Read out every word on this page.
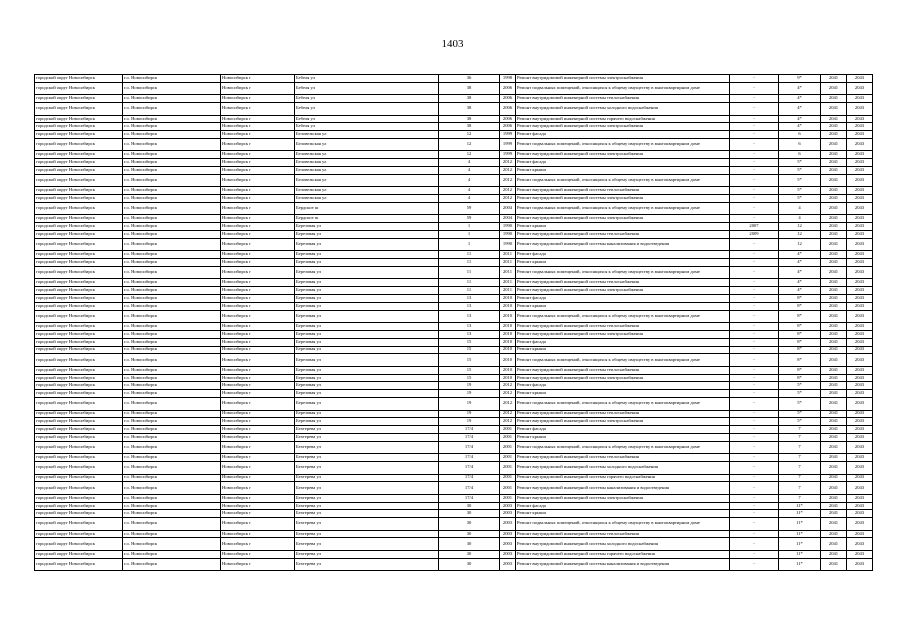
1403
городской округ Новосибирск	г.о. Новосибирск	Новосибирск г	Бебеля ул	36	1998	Ремонт внутридомовой инженерной системы электроснабжения	-	9*	2041	2043
городской округ Новосибирск	г.о. Новосибирск	Новосибирск г	Бебеля ул	38	2006	Ремонт подвальных помещений, относящихся к общему имуществу в многоквартирном доме	-	4*	2041	2043
городской округ Новосибирск	г.о. Новосибирск	Новосибирск г	Бебеля ул	38	2006	Ремонт внутридомовой инженерной системы теплоснабжения	-	4*	2041	2043
городской округ Новосибирск	г.о. Новосибирск	Новосибирск г	Бебеля ул	38	2006	Ремонт внутридомовой инженерной системы холодного водоснабжения	-	4*	2041	2043
городской округ Новосибирск	г.о. Новосибирск	Новосибирск г	Бебеля ул	38	2006	Ремонт внутридомовой инженерной системы горячего водоснабжения	-	4*	2041	2043
городской округ Новосибирск	г.о. Новосибирск	Новосибирск г	Бебеля ул	38	2006	Ремонт внутридомовой инженерной системы электроснабжения	-	4*	2041	2043
городской округ Новосибирск	г.о. Новосибирск	Новосибирск г	Беловежская ул	12	1999	Ремонт фасада	-	6	2041	2043
городской округ Новосибирск	г.о. Новосибирск	Новосибирск г	Беловежская ул	12	1999	Ремонт подвальных помещений, относящихся к общему имуществу в многоквартирном доме	-	6	2041	2043
городской округ Новосибирск	г.о. Новосибирск	Новосибирск г	Беловежская ул	12	1999	Ремонт внутридомовой инженерной системы электроснабжения	-	6	2041	2043
городской округ Новосибирск	г.о. Новосибирск	Новосибирск г	Беловежская ул	4	2012	Ремонт фасада	-	5*	2041	2043
городской округ Новосибирск	г.о. Новосибирск	Новосибирск г	Беловежская ул	4	2012	Ремонт крыши	-	5*	2041	2043
городской округ Новосибирск	г.о. Новосибирск	Новосибирск г	Беловежская ул	4	2012	Ремонт подвальных помещений, относящихся к общему имуществу в многоквартирном доме	-	5*	2041	2043
городской округ Новосибирск	г.о. Новосибирск	Новосибирск г	Беловежская ул	4	2012	Ремонт внутридомовой инженерной системы теплоснабжения	-	5*	2041	2043
городской округ Новосибирск	г.о. Новосибирск	Новосибирск г	Беловежская ул	4	2012	Ремонт внутридомовой инженерной системы электроснабжения	-	5*	2041	2043
городской округ Новосибирск	г.о. Новосибирск	Новосибирск г	Бердское ш	59	2004	Ремонт подвальных помещений, относящихся к общему имуществу в многоквартирном доме	-	4	2041	2043
городской округ Новосибирск	г.о. Новосибирск	Новосибирск г	Бердское ш	59	2004	Ремонт внутридомовой инженерной системы электроснабжения	-	4	2041	2043
городской округ Новосибирск	г.о. Новосибирск	Новосибирск г	Березовая ул	1	1990	Ремонт крыши	2007	12	2041	2043
городской округ Новосибирск	г.о. Новосибирск	Новосибирск г	Березовая ул	1	1990	Ремонт внутридомовой инженерной системы теплоснабжения	2009	12	2041	2043
городской округ Новосибирск	г.о. Новосибирск	Новосибирск г	Березовая ул	1	1990	Ремонт внутридомовой инженерной системы канализования и водоотведения	-	12	2041	2043
городской округ Новосибирск	г.о. Новосибирск	Новосибирск г	Березовая ул	11	2011	Ремонт фасада	-	4*	2041	2043
городской округ Новосибирск	г.о. Новосибирск	Новосибирск г	Березовая ул	11	2011	Ремонт крыши	-	4*	2041	2043
городской округ Новосибирск	г.о. Новосибирск	Новосибирск г	Березовая ул	11	2011	Ремонт подвальных помещений, относящихся к общему имуществу в многоквартирном доме	-	4*	2041	2043
городской округ Новосибирск	г.о. Новосибирск	Новосибирск г	Березовая ул	11	2011	Ремонт внутридомовой инженерной системы теплоснабжения	-	4*	2041	2043
городской округ Новосибирск	г.о. Новосибирск	Новосибирск г	Березовая ул	11	2011	Ремонт внутридомовой инженерной системы электроснабжения	-	4*	2041	2043
городской округ Новосибирск	г.о. Новосибирск	Новосибирск г	Березовая ул	13	2010	Ремонт фасада	-	8*	2041	2043
городской округ Новосибирск	г.о. Новосибирск	Новосибирск г	Березовая ул	13	2010	Ремонт крыши	-	8*	2041	2043
городской округ Новосибирск	г.о. Новосибирск	Новосибирск г	Березовая ул	13	2010	Ремонт подвальных помещений, относящихся к общему имуществу в многоквартирном доме	-	8*	2041	2043
городской округ Новосибирск	г.о. Новосибирск	Новосибирск г	Березовая ул	13	2010	Ремонт внутридомовой инженерной системы теплоснабжения	-	8*	2041	2043
городской округ Новосибирск	г.о. Новосибирск	Новосибирск г	Березовая ул	13	2010	Ремонт внутридомовой инженерной системы электроснабжения	-	8*	2041	2043
городской округ Новосибирск	г.о. Новосибирск	Новосибирск г	Березовая ул	15	2010	Ремонт фасада	-	8*	2041	2043
городской округ Новосибирск	г.о. Новосибирск	Новосибирск г	Березовая ул	15	2010	Ремонт крыши	-	8*	2041	2043
городской округ Новосибирск	г.о. Новосибирск	Новосибирск г	Березовая ул	15	2010	Ремонт подвальных помещений, относящихся к общему имуществу в многоквартирном доме	-	8*	2041	2043
городской округ Новосибирск	г.о. Новосибирск	Новосибирск г	Березовая ул	15	2010	Ремонт внутридомовой инженерной системы теплоснабжения	-	8*	2041	2043
городской округ Новосибирск	г.о. Новосибирск	Новосибирск г	Березовая ул	15	2010	Ремонт внутридомовой инженерной системы электроснабжения	-	8*	2041	2043
городской округ Новосибирск	г.о. Новосибирск	Новосибирск г	Березовая ул	19	2012	Ремонт фасада	-	5*	2041	2043
городской округ Новосибирск	г.о. Новосибирск	Новосибирск г	Березовая ул	19	2012	Ремонт крыши	-	5*	2041	2043
городской округ Новосибирск	г.о. Новосибирск	Новосибирск г	Березовая ул	19	2012	Ремонт подвальных помещений, относящихся к общему имуществу в многоквартирном доме	-	5*	2041	2043
городской округ Новосибирск	г.о. Новосибирск	Новосибирск г	Березовая ул	19	2012	Ремонт внутридомовой инженерной системы теплоснабжения	-	5*	2041	2043
городской округ Новосибирск	г.о. Новосибирск	Новосибирск г	Березовая ул	19	2012	Ремонт внутридомовой инженерной системы электроснабжения	-	5*	2041	2043
городской округ Новосибирск	г.о. Новосибирск	Новосибирск г	Бехтерева ул	17/4	2001	Ремонт фасада	-	7	2041	2043
городской округ Новосибирск	г.о. Новосибирск	Новосибирск г	Бехтерева ул	17/4	2001	Ремонт крыши	-	7	2041	2043
городской округ Новосибирск	г.о. Новосибирск	Новосибирск г	Бехтерева ул	17/4	2001	Ремонт подвальных помещений, относящихся к общему имуществу в многоквартирном доме	-	7	2041	2043
городской округ Новосибирск	г.о. Новосибирск	Новосибирск г	Бехтерева ул	17/4	2001	Ремонт внутридомовой инженерной системы теплоснабжения	-	7	2041	2043
городской округ Новосибирск	г.о. Новосибирск	Новосибирск г	Бехтерева ул	17/4	2001	Ремонт внутридомовой инженерной системы холодного водоснабжения	-	7	2041	2043
городской округ Новосибирск	г.о. Новосибирск	Новосибирск г	Бехтерева ул	17/4	2001	Ремонт внутридомовой инженерной системы горячего водоснабжения	-	7	2041	2043
городской округ Новосибирск	г.о. Новосибирск	Новосибирск г	Бехтерева ул	17/4	2001	Ремонт внутридомовой инженерной системы канализования и водоотведения	-	7	2041	2043
городской округ Новосибирск	г.о. Новосибирск	Новосибирск г	Бехтерева ул	17/4	2001	Ремонт внутридомовой инженерной системы электроснабжения	-	7	2041	2043
городской округ Новосибирск	г.о. Новосибирск	Новосибирск г	Бехтерева ул	30	2003	Ремонт фасада	-	11*	2041	2043
городской округ Новосибирск	г.о. Новосибирск	Новосибирск г	Бехтерева ул	30	2003	Ремонт крыши	-	11*	2041	2043
городской округ Новосибирск	г.о. Новосибирск	Новосибирск г	Бехтерева ул	30	2003	Ремонт подвальных помещений, относящихся к общему имуществу в многоквартирном доме	-	11*	2041	2043
городской округ Новосибирск	г.о. Новосибирск	Новосибирск г	Бехтерева ул	30	2003	Ремонт внутридомовой инженерной системы теплоснабжения	-	11*	2041	2043
городской округ Новосибирск	г.о. Новосибирск	Новосибирск г	Бехтерева ул	30	2003	Ремонт внутридомовой инженерной системы холодного водоснабжения	-	11*	2041	2043
городской округ Новосибирск	г.о. Новосибирск	Новосибирск г	Бехтерева ул	30	2003	Ремонт внутридомовой инженерной системы горячего водоснабжения	-	11*	2041	2043
городской округ Новосибирск	г.о. Новосибирск	Новосибирск г	Бехтерева ул	30	2003	Ремонт внутридомовой инженерной системы канализования и водоотведения	-	11*	2041	2043
